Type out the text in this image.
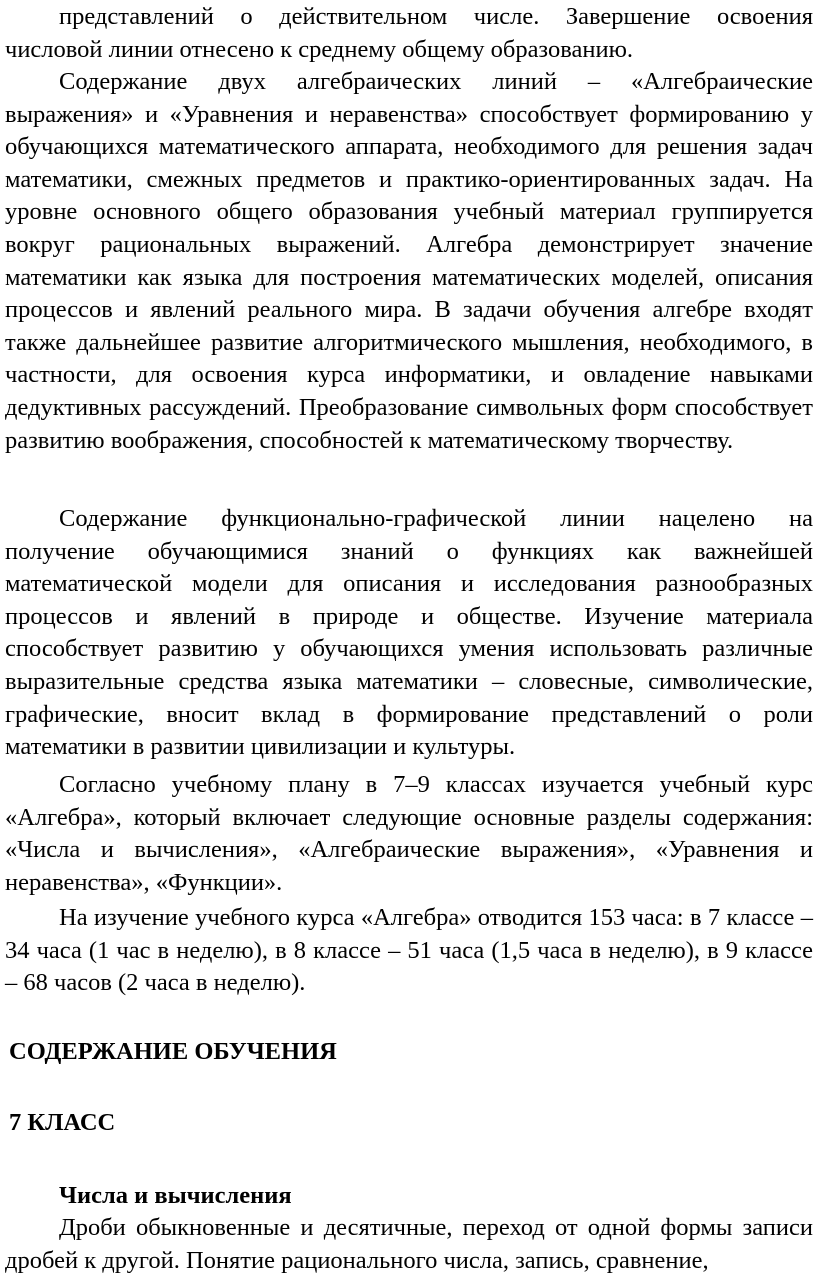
представлений о действительном числе. Завершение освоения числовой линии отнесено к среднему общему образованию.

Содержание двух алгебраических линий – «Алгебраические выражения» и «Уравнения и неравенства» способствует формированию у обучающихся математического аппарата, необходимого для решения задач математики, смежных предметов и практико-ориентированных задач. На уровне основного общего образования учебный материал группируется вокруг рациональных выражений. Алгебра демонстрирует значение математики как языка для построения математических моделей, описания процессов и явлений реального мира. В задачи обучения алгебре входят также дальнейшее развитие алгоритмического мышления, необходимого, в частности, для освоения курса информатики, и овладение навыками дедуктивных рассуждений. Преобразование символьных форм способствует развитию воображения, способностей к математическому творчеству.

Содержание функционально-графической линии нацелено на получение обучающимися знаний о функциях как важнейшей математической модели для описания и исследования разнообразных процессов и явлений в природе и обществе. Изучение материала способствует развитию у обучающихся умения использовать различные выразительные средства языка математики – словесные, символические, графические, вносит вклад в формирование представлений о роли математики в развитии цивилизации и культуры.

Согласно учебному плану в 7–9 классах изучается учебный курс «Алгебра», который включает следующие основные разделы содержания: «Числа и вычисления», «Алгебраические выражения», «Уравнения и неравенства», «Функции».

На изучение учебного курса «Алгебра» отводится 153 часа: в 7 классе – 34 часа (1 час в неделю), в 8 классе – 51 часа (1,5 часа в неделю), в 9 классе – 68 часов (2 часа в неделю).

СОДЕРЖАНИЕ ОБУЧЕНИЯ
7 КЛАСС
Числа и вычисления

Дроби обыкновенные и десятичные, переход от одной формы записи дробей к другой. Понятие рационального числа, запись, сравнение,
